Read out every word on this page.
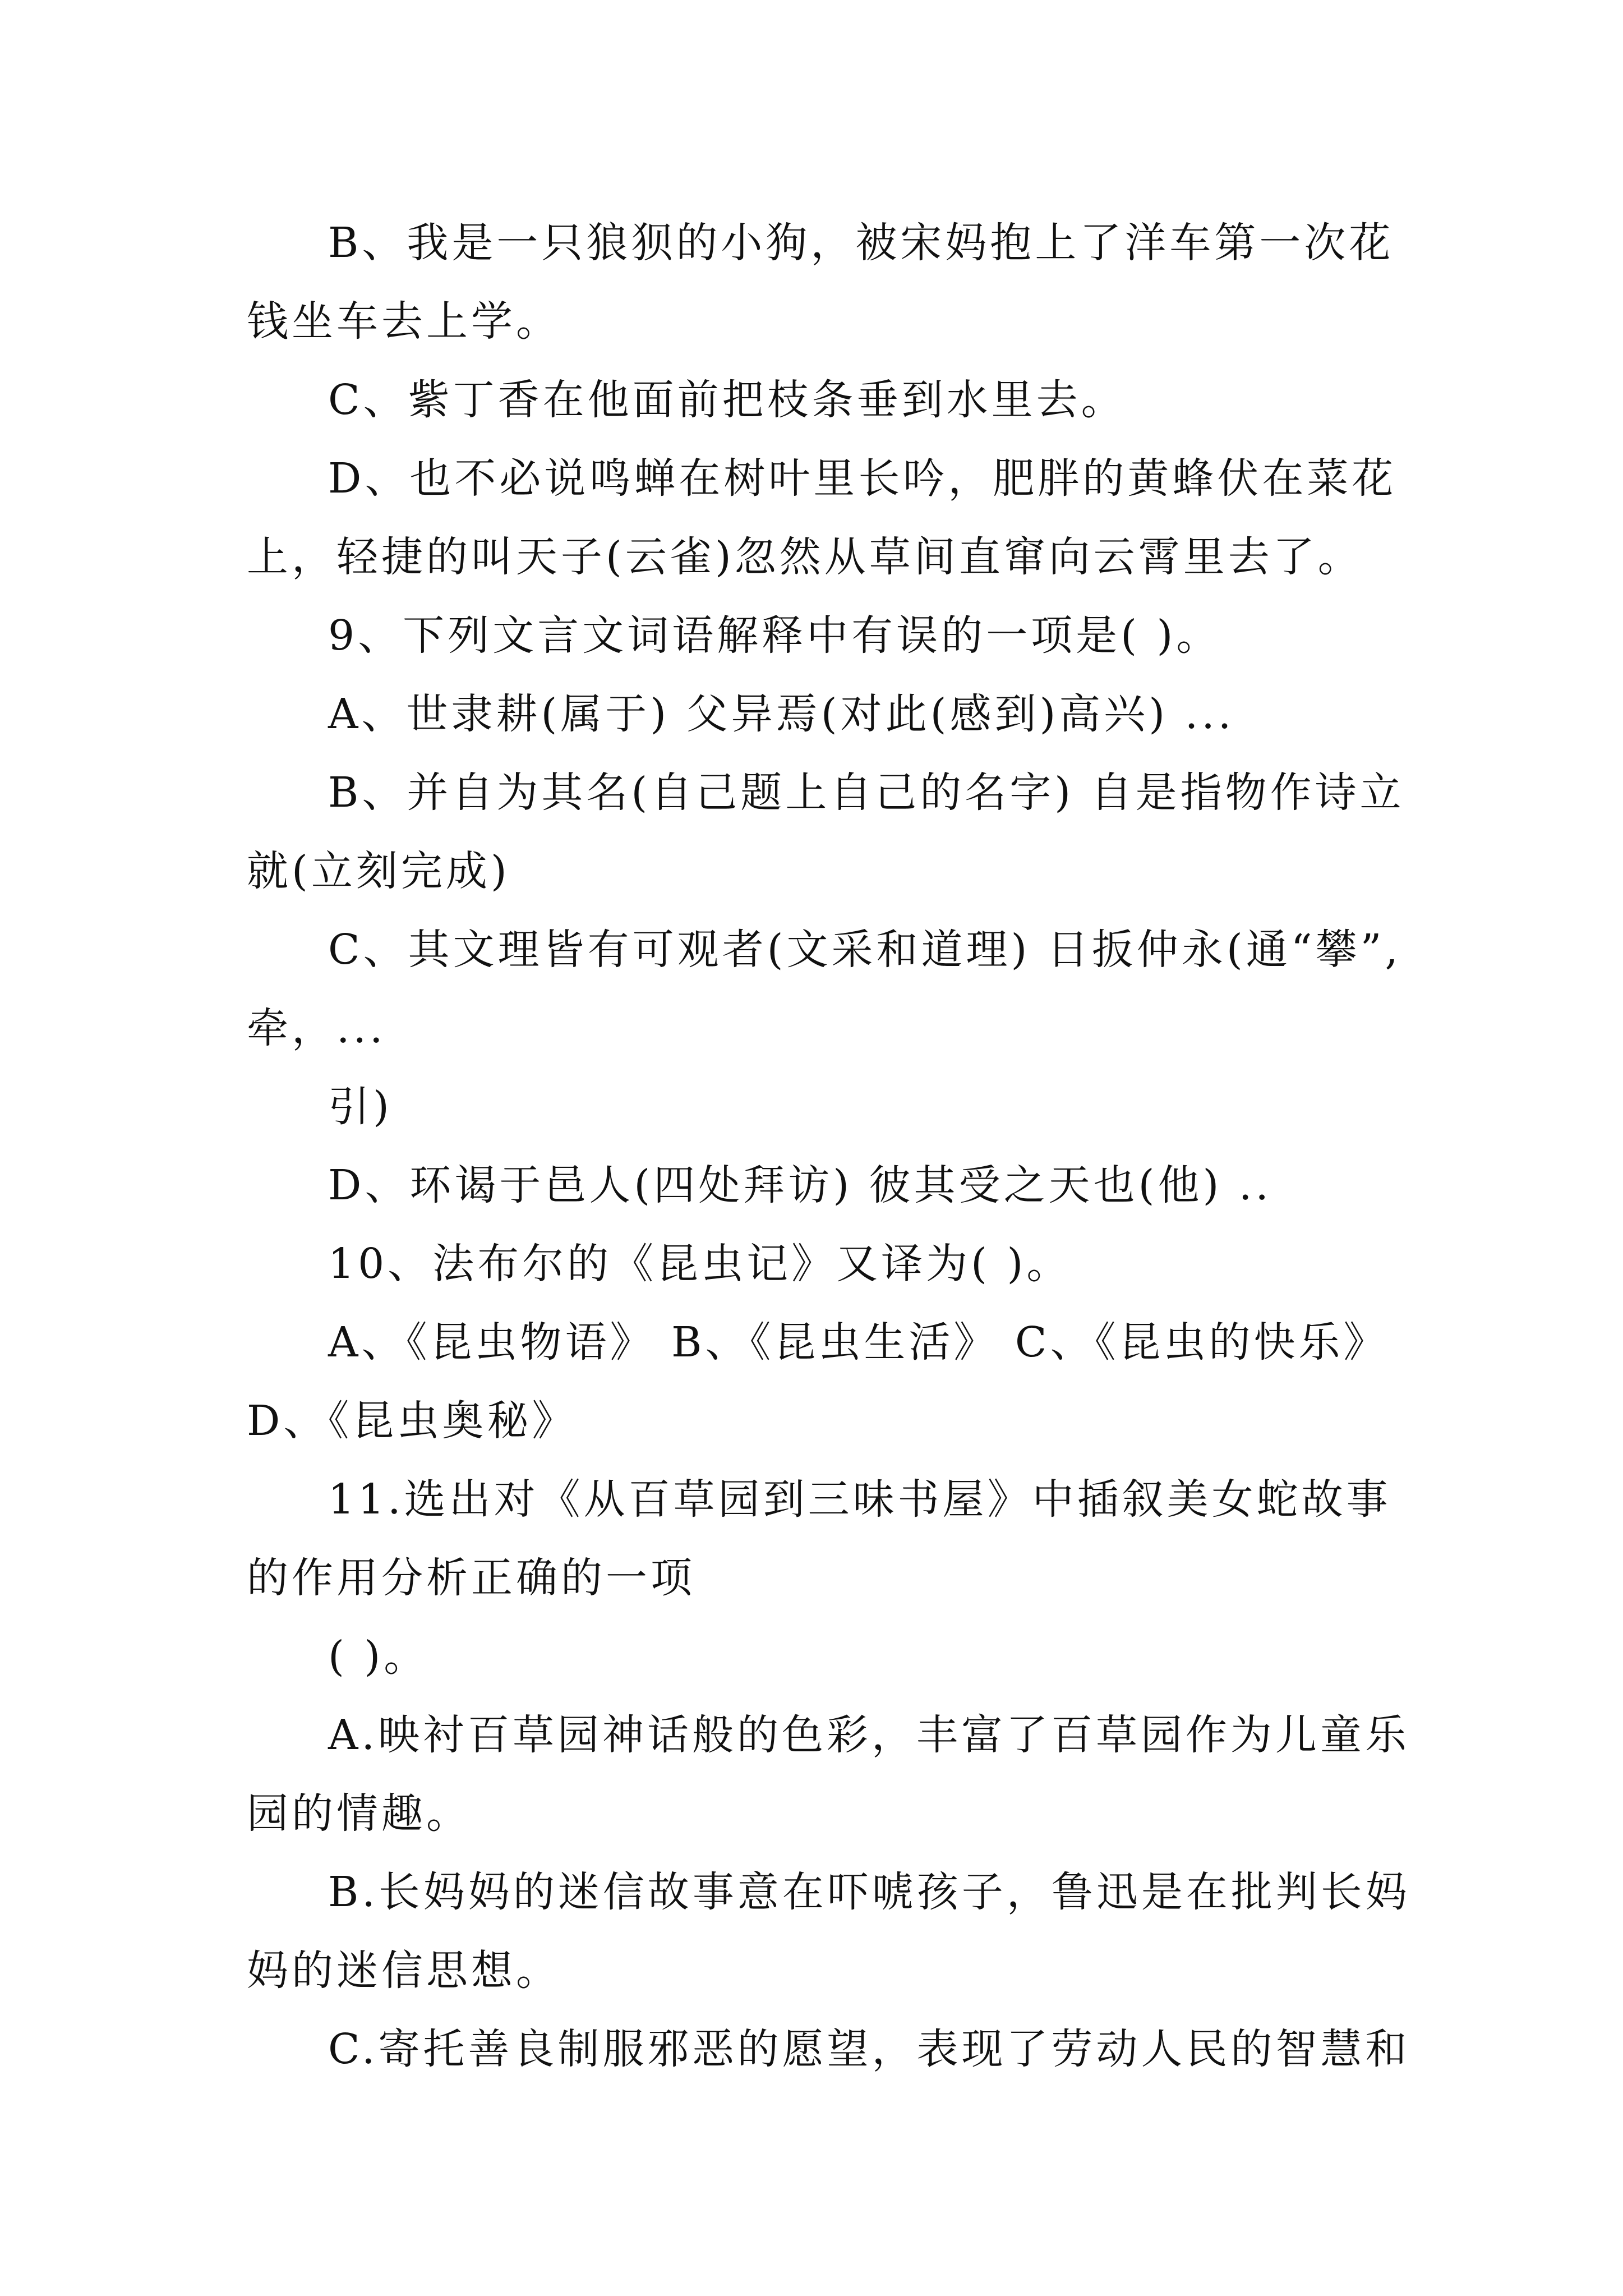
B、我是一只狼狈的小狗，被宋妈抱上了洋车第一次花
钱坐车去上学。
C、紫丁香在他面前把枝条垂到水里去。
D、也不必说鸣蝉在树叶里长吟，肥胖的黄蜂伏在菜花
上，轻捷的叫天子(云雀)忽然从草间直窜向云霄里去了。
9、下列文言文词语解释中有误的一项是( )。
A、世隶耕(属于) 父异焉(对此(感到)高兴) ...
B、并自为其名(自己题上自己的名字) 自是指物作诗立
就(立刻完成)
C、其文理皆有可观者(文采和道理) 日扳仲永(通“攀”,
牵，...
引)
D、环谒于邑人(四处拜访) 彼其受之天也(他) ..
10、法布尔的《昆虫记》又译为( )。
A、《昆虫物语》 B、《昆虫生活》 C、《昆虫的快乐》
D、《昆虫奥秘》
11.选出对《从百草园到三味书屋》中插叙美女蛇故事
的作用分析正确的一项
( )。
A.映衬百草园神话般的色彩，丰富了百草园作为儿童乐
园的情趣。
B.长妈妈的迷信故事意在吓唬孩子，鲁迅是在批判长妈
妈的迷信思想。
C.寄托善良制服邪恶的愿望，表现了劳动人民的智慧和
